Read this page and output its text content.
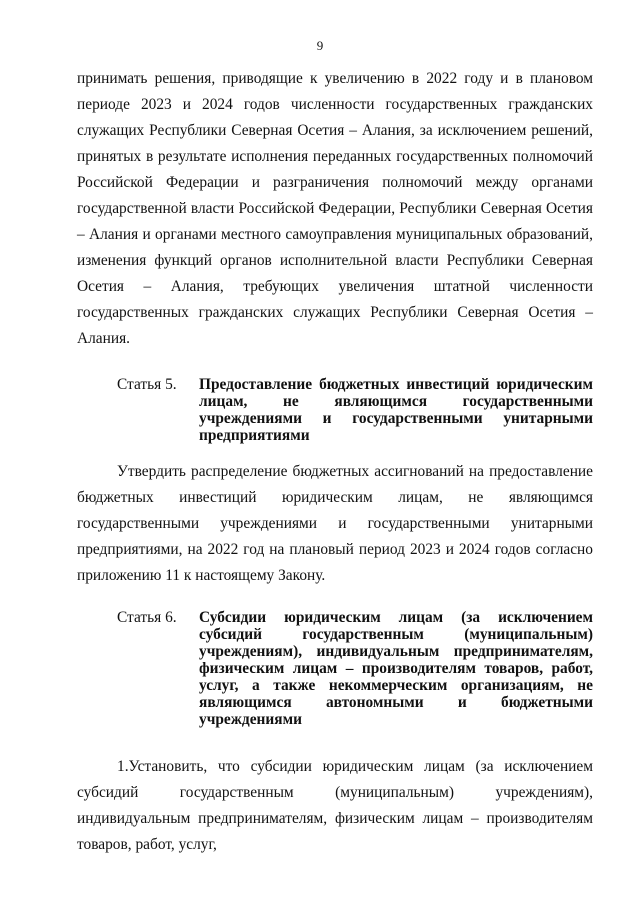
9

принимать решения, приводящие к увеличению в 2022 году и в плановом периоде 2023 и 2024 годов численности государственных гражданских служащих Республики Северная Осетия – Алания, за исключением решений, принятых в результате исполнения переданных государственных полномочий Российской Федерации и разграничения полномочий между органами государственной власти Российской Федерации, Республики Северная Осетия – Алания и органами местного самоуправления муниципальных образований, изменения функций органов исполнительной власти Республики Северная Осетия – Алания, требующих увеличения штатной численности государственных гражданских служащих Республики Северная Осетия – Алания.

Статья 5.	Предоставление бюджетных инвестиций юридическим лицам, не являющимся государственными учреждениями и государственными унитарными предприятиями

Утвердить распределение бюджетных ассигнований на предоставление бюджетных инвестиций юридическим лицам, не являющимся государственными учреждениями и государственными унитарными предприятиями, на 2022 год на плановый период 2023 и 2024 годов согласно приложению 11 к настоящему Закону.

Статья 6.	Субсидии юридическим лицам (за исключением субсидий государственным (муниципальным) учреждениям), индивидуальным предпринимателям, физическим лицам – производителям товаров, работ, услуг, а также некоммерческим организациям, не являющимся автономными и бюджетными учреждениями

1.Установить, что субсидии юридическим лицам (за исключением субсидий государственным (муниципальным) учреждениям), индивидуальным предпринимателям, физическим лицам – производителям товаров, работ, услуг,
